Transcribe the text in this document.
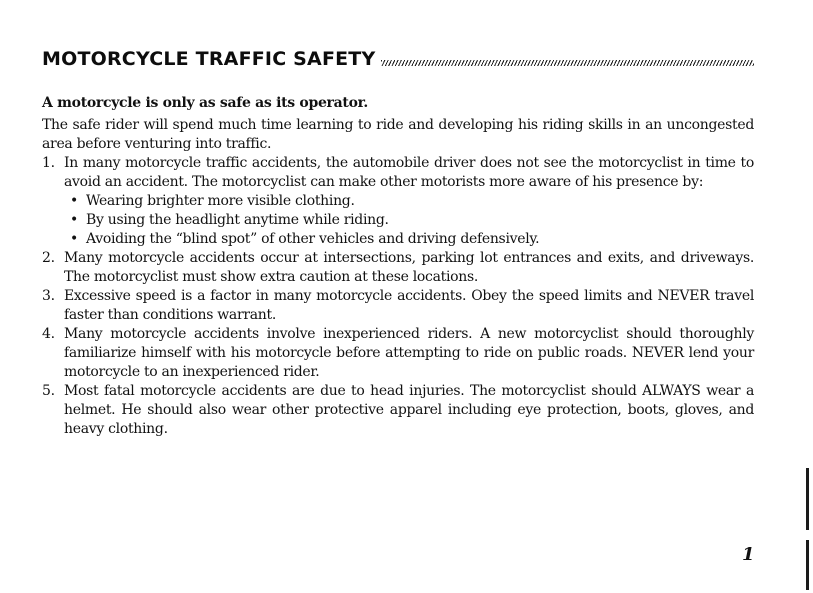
MOTORCYCLE TRAFFIC SAFETY

A motorcycle is only as safe as its operator.

The safe rider will spend much time learning to ride and developing his riding skills in an uncongested area before venturing into traffic.

1. In many motorcycle traffic accidents, the automobile driver does not see the motorcyclist in time to avoid an accident. The motorcyclist can make other motorists more aware of his presence by:
• Wearing brighter more visible clothing.
• By using the headlight anytime while riding.
• Avoiding the “blind spot” of other vehicles and driving defensively.
2. Many motorcycle accidents occur at intersections, parking lot entrances and exits, and driveways. The motorcyclist must show extra caution at these locations.
3. Excessive speed is a factor in many motorcycle accidents. Obey the speed limits and NEVER travel faster than conditions warrant.
4. Many motorcycle accidents involve inexperienced riders. A new motorcyclist should thoroughly familiarize himself with his motorcycle before attempting to ride on public roads. NEVER lend your motorcycle to an inexperienced rider.
5. Most fatal motorcycle accidents are due to head injuries. The motorcyclist should ALWAYS wear a helmet. He should also wear other protective apparel including eye protection, boots, gloves, and heavy clothing.
1
